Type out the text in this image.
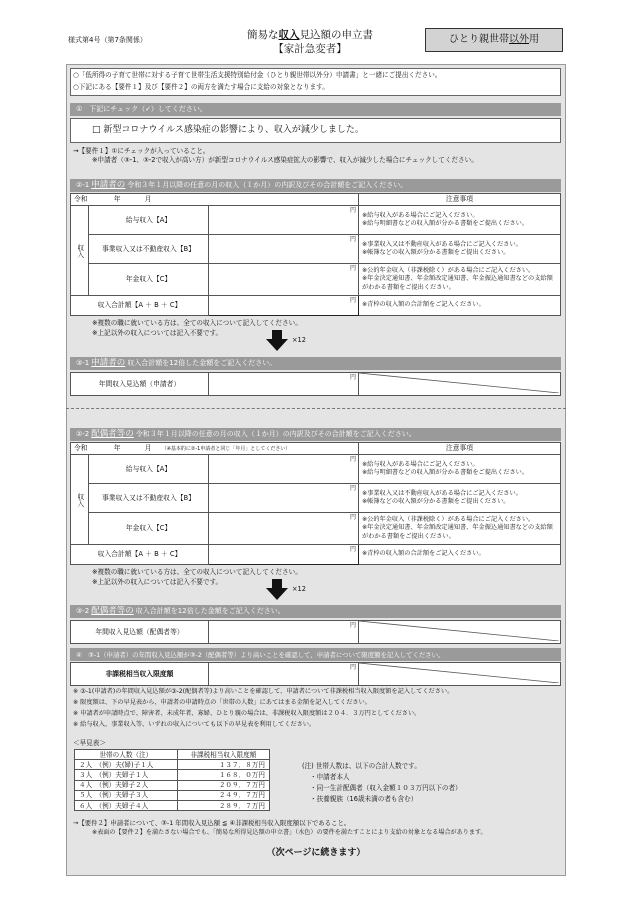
様式第4号（第7条関係）	簡易な収入見込額の申立書
【家計急変者】
ひとり親世帯 以外 用
○「低所得の子育て世帯に対する子育て世帯生活支援特別給付金（ひとり親世帯以外分）申請書」と一緒にご提出ください。
○下記にある【要件１】及び【要件２】の両方を満たす場合に支給の対象となります。
①　下記にチェック（✓）してください。
□ 新型コロナウイルス感染症の影響により、収入が減少しました。
→【要件１】①にチェックが入っていること。
※申請者（③-1、③-2で収入が高い方）が新型コロナウイルス感染症拡大の影響で、収入が減少した場合にチェックしてください。
②-1 申請者の 令和３年１月以降の任意の月の収入（１か月）の内訳及びその合計額をご記入ください。
令和 年 月			注意事項
収入	給与収入【A】	円	※給与収入がある場合にご記入ください。
※給与明細書などの収入額が分かる書類をご提出ください。

	事業収入又は不動産収入【B】	円	※事業収入又は不動産収入がある場合にご記入ください。
※帳簿などの収入額が分かる書類をご提出ください。

	年金収入【C】	円	※公的年金収入（非課税除く）がある場合にご記入ください。
※年金決定通知書、年金額改定通知書、年金振込通知書などの支給額がわかる書類をご提出ください。

収入合計額【A ＋ B ＋ C】		円	※青枠の収入額の合計額をご記入ください。
※複数の職に就いている方は、全ての収入について記入してください。
※上記以外の収入については記入不要です。
×12
③-1 申請者の 収入合計額を12倍した金額をご記入ください。
年間収入見込額（申請者）	
円

②-2 配偶者等の 令和３年１月以降の任意の月の収入（１か月）の内訳及びその合計額をご記入ください。
令和 年 月 （※基本的に②-1申請者と同じ「年月」としてください）			注意事項
収入	給与収入【A】	円	※給与収入がある場合にご記入ください。
※給与明細書などの収入額が分かる書類をご提出ください。

	事業収入又は不動産収入【B】	円	※事業収入又は不動産収入がある場合にご記入ください。
※帳簿などの収入額が分かる書類をご提出ください。

	年金収入【C】	円	※公的年金収入（非課税除く）がある場合にご記入ください。
※年金決定通知書、年金額改定通知書、年金振込通知書などの支給額がわかる書類をご提出ください。

収入合計額【A ＋ B ＋ C】		円	※青枠の収入額の合計額をご記入ください。
※複数の職に就いている方は、全ての収入について記入してください。
※上記以外の収入については記入不要です。
×12
③-2 配偶者等の 収入合計額を12倍した金額をご記入ください。
年間収入見込額（配偶者等）	
円

④　③-1（申請者）の年間収入見込額が③-2（配偶者等）より高いことを確認して、申請者について限度額を記入してください。
非課税相当収入限度額	
円

※ ③-1(申請者)の年間収入見込額が③-2(配偶者等)より高いことを確認して、申請者について非課税相当収入限度額を記入してください。
※ 限度額は、下の早見表から、申請者の申請時点の「世帯の人数」にあてはまる金額を記入してください。
※ 申請者が申請時点で、障害者、未成年者、寡婦、ひとり親の場合は、非課税収入限度額は２０４．３万円としてください。
※ 給与収入、事業収入等、いずれの収入についても以下の早見表を利用してください。
＜早見表＞
世帯の人数（注）	非課税相当収入限度額
２人　（例）夫(婦)子１人	１３７．８万円
３人　（例）夫婦子１人	１６８．０万円
４人　（例）夫婦子２人	２０９．７万円
５人　（例）夫婦子３人	２４９．７万円
６人　（例）夫婦子４人	２８９．７万円
(注) 世帯人数は、以下の合計人数です。
・申請者本人
・同一生計配偶者（収入金額１０３万円以下の者）
・扶養親族（16歳未満の者も含む）
→【要件２】申請者について、③-1 年間収入見込額 ≦ ④非課税相当収入限度額以下であること。
※表面の【要件２】を満たさない場合でも、「簡易な所得見込額の申立書」（水色）の要件を満たすことにより支給の対象となる場合があります。
（次ページに続きます）
